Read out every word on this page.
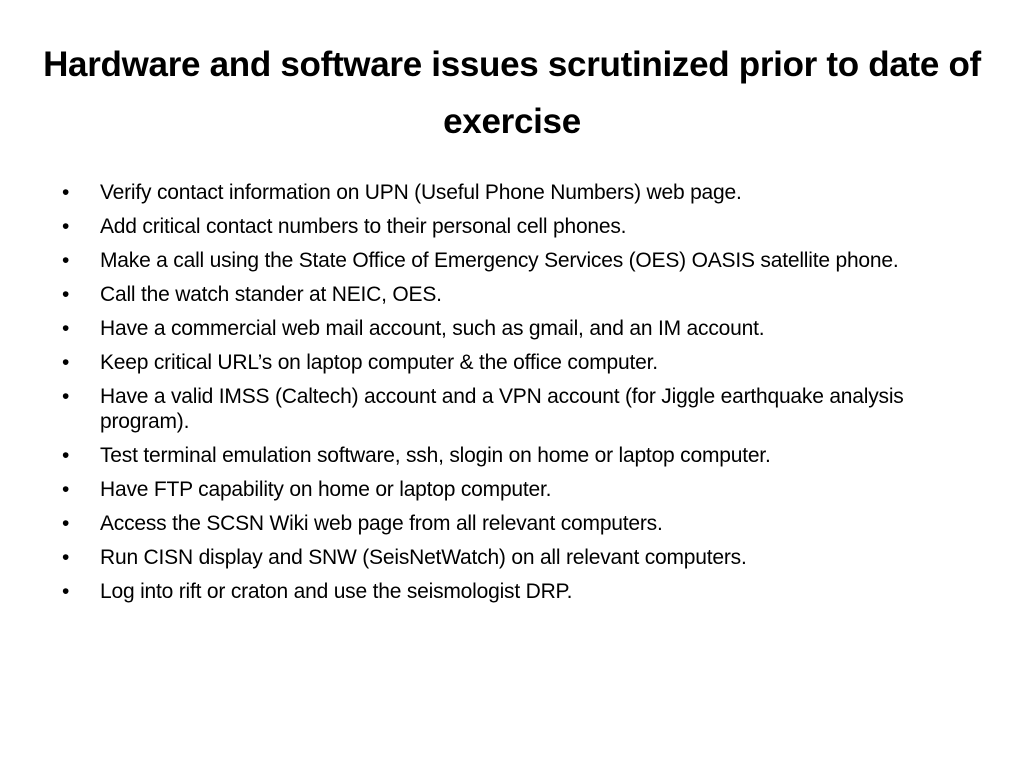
Hardware and software issues scrutinized prior to date of exercise
• Verify contact information on UPN (Useful Phone Numbers) web page.
• Add critical contact numbers to their personal cell phones.
• Make a call using the State Office of Emergency Services (OES) OASIS satellite phone.
• Call the watch stander at NEIC, OES.
• Have a commercial web mail account, such as gmail, and an IM account.
• Keep critical URL’s on laptop computer & the office computer.
• Have a valid IMSS (Caltech) account and a VPN account (for Jiggle earthquake analysis program).
• Test terminal emulation software, ssh, slogin on home or laptop computer.
• Have FTP capability on home or laptop computer.
• Access the SCSN Wiki web page from all relevant computers.
• Run CISN display and SNW (SeisNetWatch) on all relevant computers.
• Log into rift or craton and use the seismologist DRP.
